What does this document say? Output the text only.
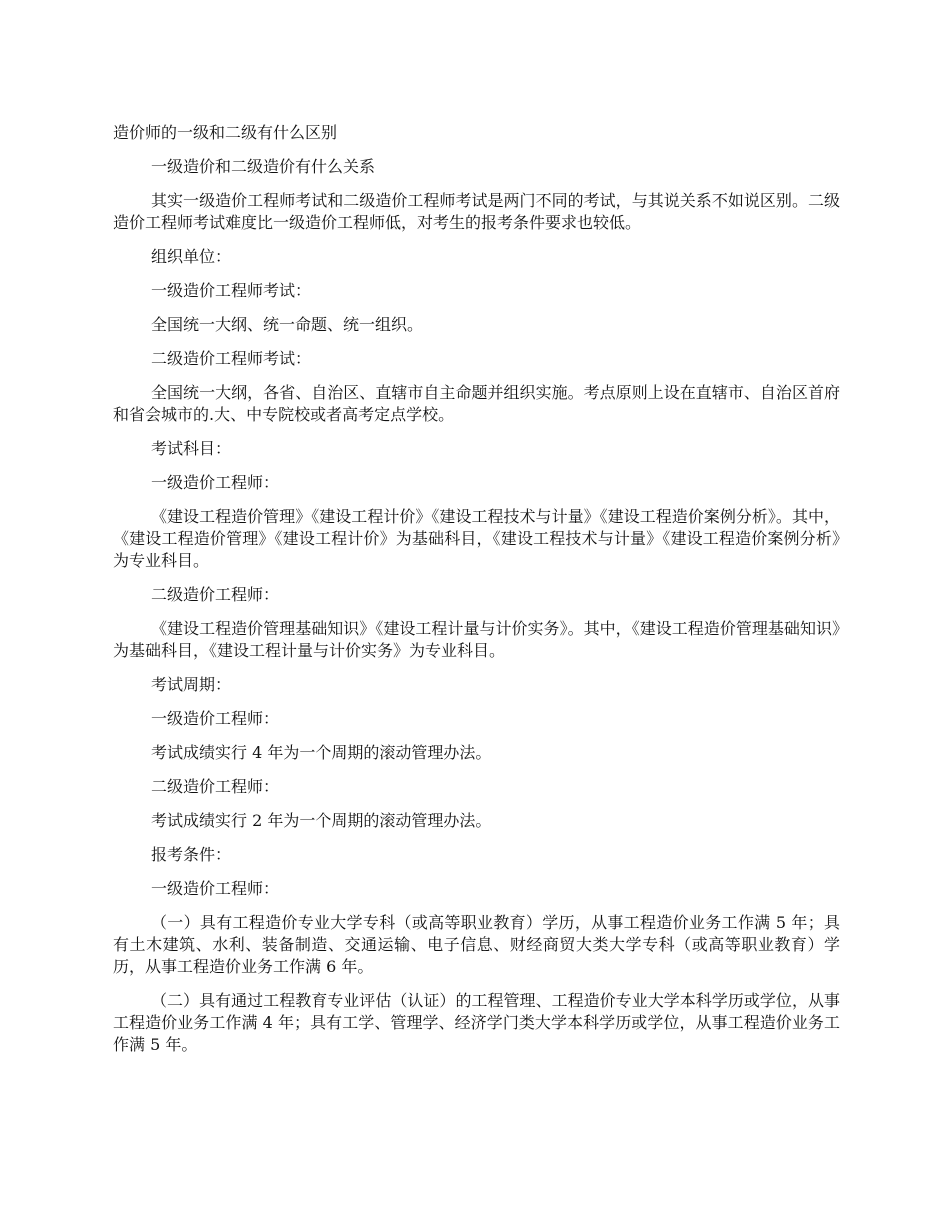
造价师的一级和二级有什么区别

一级造价和二级造价有什么关系

其实一级造价工程师考试和二级造价工程师考试是两门不同的考试，与其说关系不如说区别。二级造价工程师考试难度比一级造价工程师低，对考生的报考条件要求也较低。

组织单位：

一级造价工程师考试：

全国统一大纲、统一命题、统一组织。

二级造价工程师考试：

全国统一大纲，各省、自治区、直辖市自主命题并组织实施。考点原则上设在直辖市、自治区首府和省会城市的.大、中专院校或者高考定点学校。

考试科目：

一级造价工程师：

《建设工程造价管理》《建设工程计价》《建设工程技术与计量》《建设工程造价案例分析》。其中，《建设工程造价管理》《建设工程计价》为基础科目，《建设工程技术与计量》《建设工程造价案例分析》为专业科目。

二级造价工程师：

《建设工程造价管理基础知识》《建设工程计量与计价实务》。其中，《建设工程造价管理基础知识》为基础科目，《建设工程计量与计价实务》为专业科目。

考试周期：

一级造价工程师：

考试成绩实行 4 年为一个周期的滚动管理办法。

二级造价工程师：

考试成绩实行 2 年为一个周期的滚动管理办法。

报考条件：

一级造价工程师：

（一）具有工程造价专业大学专科（或高等职业教育）学历，从事工程造价业务工作满 5 年；具有土木建筑、水利、装备制造、交通运输、电子信息、财经商贸大类大学专科（或高等职业教育）学历，从事工程造价业务工作满 6 年。

（二）具有通过工程教育专业评估（认证）的工程管理、工程造价专业大学本科学历或学位，从事工程造价业务工作满 4 年；具有工学、管理学、经济学门类大学本科学历或学位，从事工程造价业务工作满 5 年。
